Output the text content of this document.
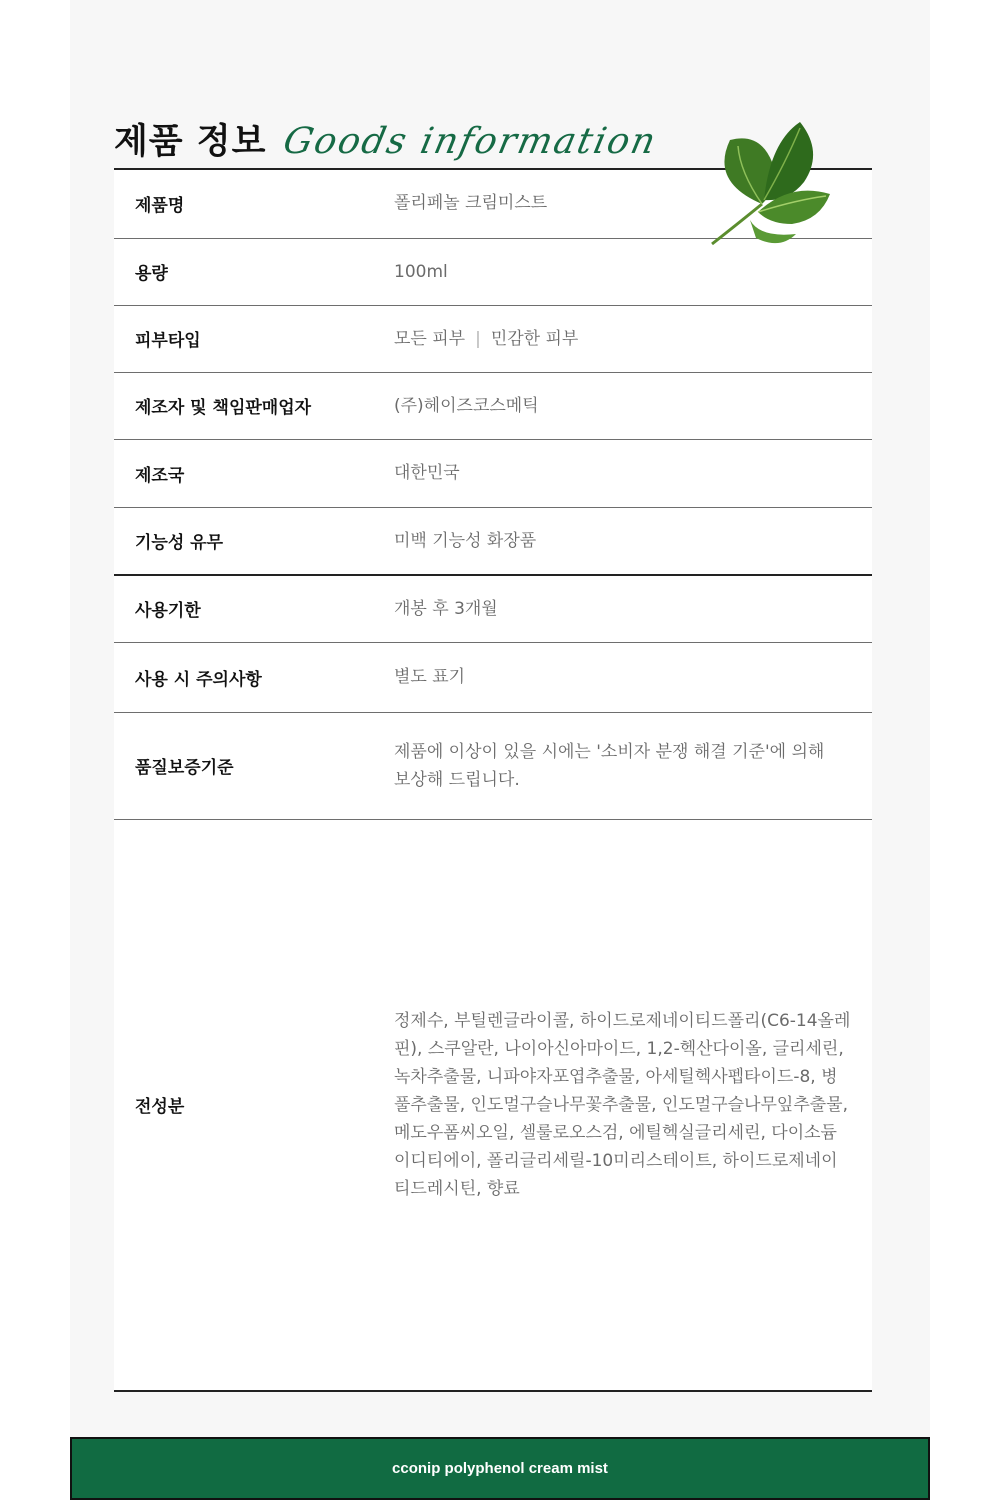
제품 정보 Goods information
제품명	폴리페놀 크림미스트
용량	100ml
피부타입	모든 피부 | 민감한 피부
제조자 및 책임판매업자	(주)헤이즈코스메틱
제조국	대한민국
기능성 유무	미백 기능성 화장품
사용기한	개봉 후 3개월
사용 시 주의사항	별도 표기
품질보증기준	제품에 이상이 있을 시에는 '소비자 분쟁 해결 기준'에 의해
보상해 드립니다.

전성분	정제수, 부틸렌글라이콜, 하이드로제네이티드폴리(C6-14올레핀), 스쿠알란, 나이아신아마이드, 1,2-헥산다이올, 글리세린, 녹차추출물, 니파야자포엽추출물, 아세틸헥사펩타이드-8, 병풀추출물, 인도멀구슬나무꽃추출물, 인도멀구슬나무잎추출물, 메도우폼씨오일, 셀룰로오스검, 에틸헥실글리세린, 다이소듐이디티에이, 폴리글리세릴-10미리스테이트, 하이드로제네이티드레시틴, 향료
cconip polyphenol cream mist
